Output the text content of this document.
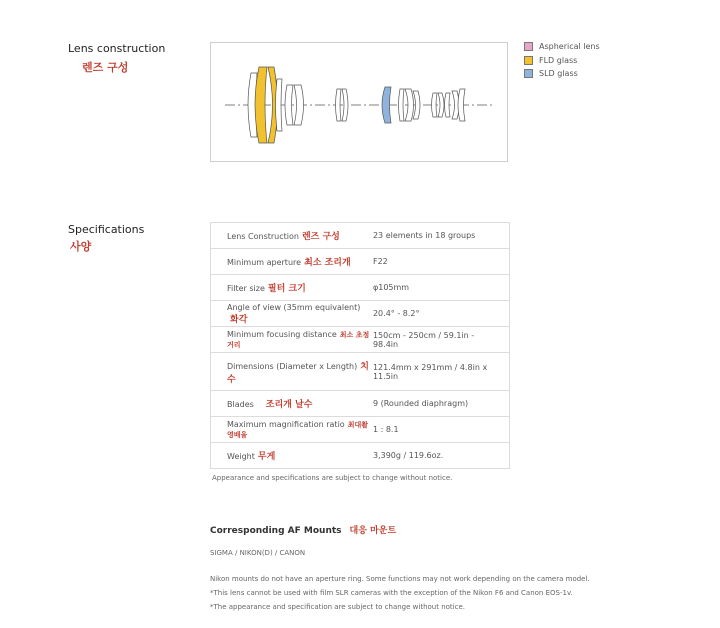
Lens construction
렌즈 구성
Aspherical lens
FLD glass
SLD glass
Specifications
사양
Lens Construction 렌즈 구성	23 elements in 18 groups
Minimum aperture 최소 조리개	F22
Filter size 필터 크기	φ105mm
Angle of view (35mm equivalent)화각	20.4° - 8.2°
Minimum focusing distance 최소 초점거리	150cm - 250cm / 59.1in - 98.4in
Dimensions (Diameter x Length) 치수	121.4mm x 291mm / 4.8in x 11.5in
Blades 조리개 날수	9 (Rounded diaphragm)
Maximum magnification ratio 최대촬영배율	1 : 8.1
Weight 무게	3,390g / 119.6oz.
Appearance and specifications are subject to change without notice.
Corresponding AF Mounts 대응 마운트
SIGMA / NIKON(D) / CANON
Nikon mounts do not have an aperture ring. Some functions may not work depending on the camera model.
*This lens cannot be used with film SLR cameras with the exception of the Nikon F6 and Canon EOS-1v.
*The appearance and specification are subject to change without notice.
